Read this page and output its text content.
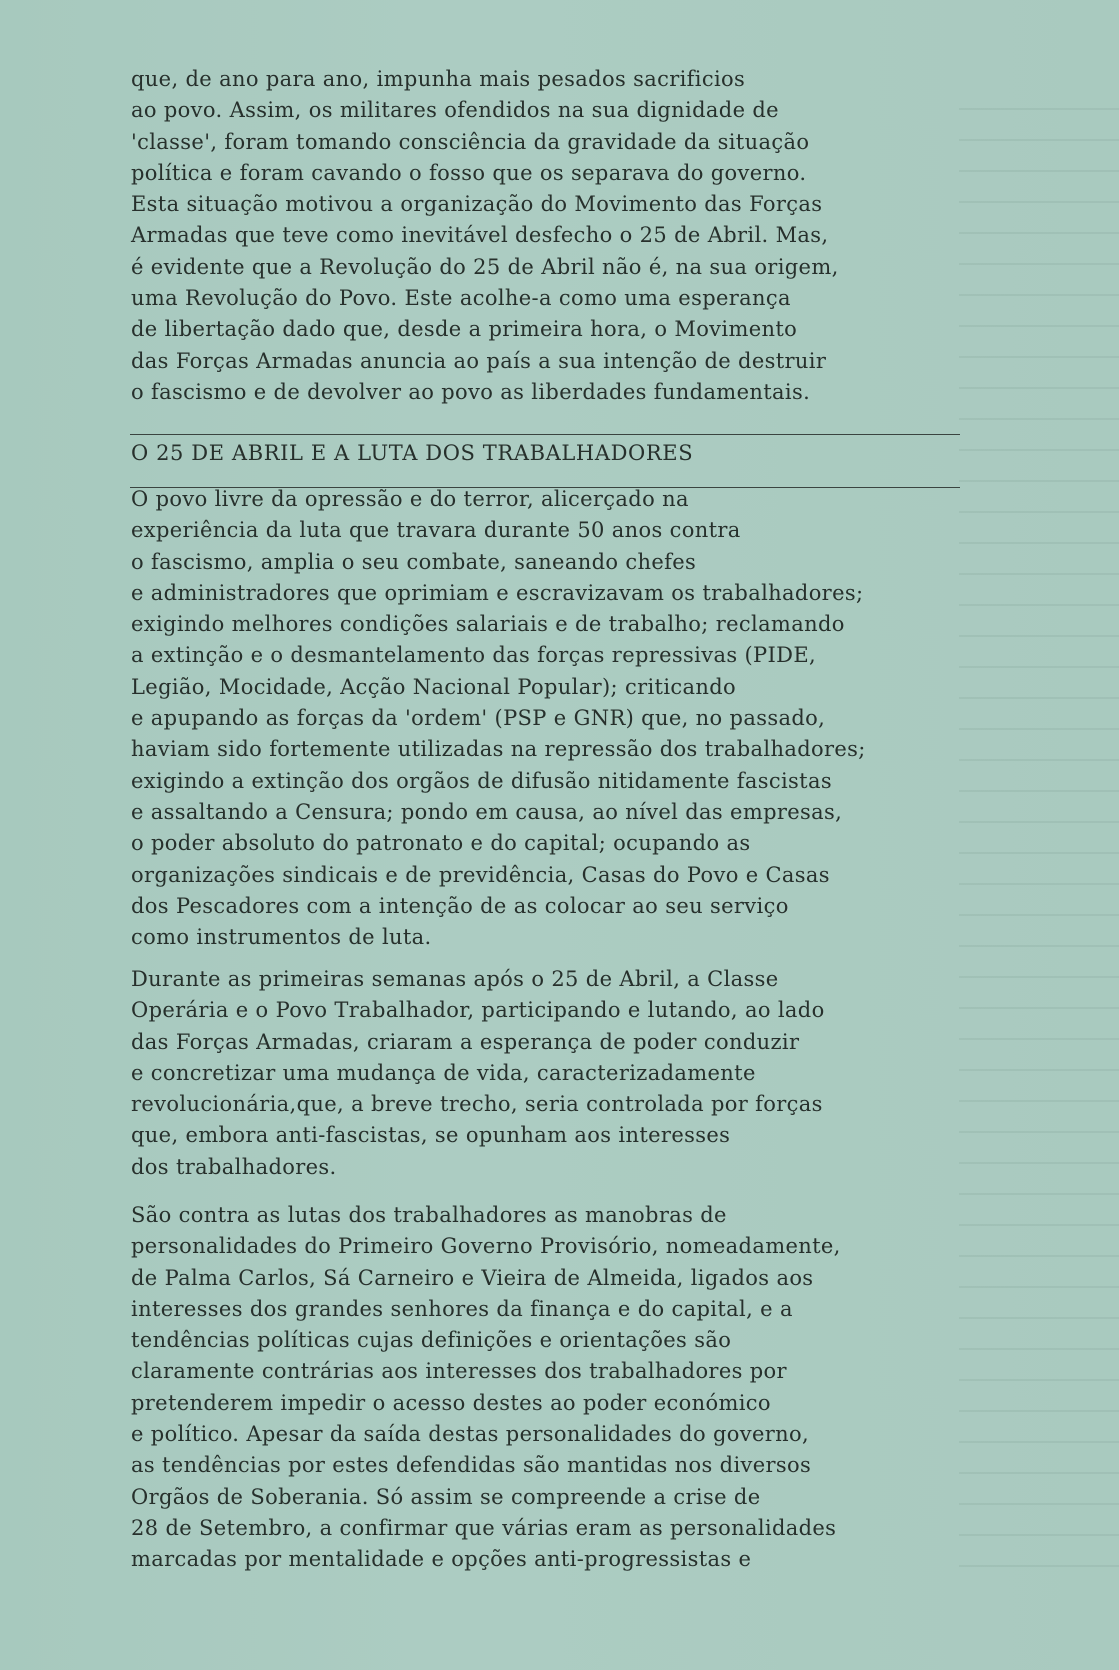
que, de ano para ano, impunha mais pesados sacrificios
ao povo. Assim, os militares ofendidos na sua dignidade de
'classe', foram tomando consciência da gravidade da situação
política e foram cavando o fosso que os separava do governo.
Esta situação motivou a organização do Movimento das Forças
Armadas que teve como inevitável desfecho o 25 de Abril. Mas,
é evidente que a Revolução do 25 de Abril não é, na sua origem,
uma Revolução do Povo. Este acolhe-a como uma esperança
de libertação dado que, desde a primeira hora, o Movimento
das Forças Armadas anuncia ao país a sua intenção de destruir
o fascismo e de devolver ao povo as liberdades fundamentais.

O 25 DE ABRIL E A LUTA DOS TRABALHADORES

O povo livre da opressão e do terror, alicerçado na
experiência da luta que travara durante 50 anos contra
o fascismo, amplia o seu combate, saneando chefes
e administradores que oprimiam e escravizavam os trabalhadores;
exigindo melhores condições salariais e de trabalho; reclamando
a extinção e o desmantelamento das forças repressivas (PIDE,
Legião, Mocidade, Acção Nacional Popular); criticando
e apupando as forças da 'ordem' (PSP e GNR) que, no passado,
haviam sido fortemente utilizadas na repressão dos trabalhadores;
exigindo a extinção dos orgãos de difusão nitidamente fascistas
e assaltando a Censura; pondo em causa, ao nível das empresas,
o poder absoluto do patronato e do capital; ocupando as
organizações sindicais e de previdência, Casas do Povo e Casas
dos Pescadores com a intenção de as colocar ao seu serviço
como instrumentos de luta.

Durante as primeiras semanas após o 25 de Abril, a Classe
Operária e o Povo Trabalhador, participando e lutando, ao lado
das Forças Armadas, criaram a esperança de poder conduzir
e concretizar uma mudança de vida, caracterizadamente
revolucionária,que, a breve trecho, seria controlada por forças
que, embora anti-fascistas, se opunham aos interesses
dos trabalhadores.

São contra as lutas dos trabalhadores as manobras de
personalidades do Primeiro Governo Provisório, nomeadamente,
de Palma Carlos, Sá Carneiro e Vieira de Almeida, ligados aos
interesses dos grandes senhores da finança e do capital, e a
tendências políticas cujas definições e orientações são
claramente contrárias aos interesses dos trabalhadores por
pretenderem impedir o acesso destes ao poder económico
e político. Apesar da saída destas personalidades do governo,
as tendências por estes defendidas são mantidas nos diversos
Orgãos de Soberania. Só assim se compreende a crise de
28 de Setembro, a confirmar que várias eram as personalidades
marcadas por mentalidade e opções anti-progressistas e
